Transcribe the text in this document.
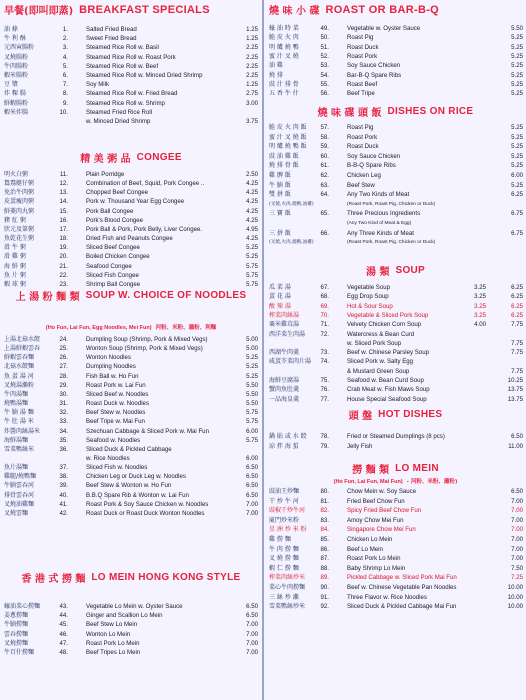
早餐(即叫即蒸) BREAKFAST SPECIALS
油 條	1.	Salted Fried Bread	1.25
牛 利 酥	2.	Sweet Fried Bread	1.25
元西寅腸粉	3.	Steamed Rice Roll w. Basil	2.25
叉燒腸粉	4.	Steamed Rice Roll w. Roast Pork	2.25
牛肉腸粉	5.	Steamed Rice Roll w. Beef	2.25
蝦米腸粉	6.	Steamed Rice Roll w. Minced Dried Shrimp	2.25
豆 漿	7.	Soy Milk	1.25
炸 粿 腸	8.	Steamed Rice Roll w. Fried Bread	2.75
鮮蝦腸粉	9.	Steamed Rice Roll w. Shrimp	3.00
蝦米炸腸	10.	Steamed Fried Rice Roll
w. Minced Dried Shrimp	3.75
精 美 粥 品 CONGEE
明火白粥	11.	Plain Porridge	2.50
鴛鴦艇仔粥	12.	Combination of Beef, Squid, Pork Congee ..	4.25
免治牛肉粥	13.	Chopped Beef Congee	4.25
皮蛋瘦肉粥	14.	Pork w. Thousand Year Egg Congee	4.25
鮮菱肉丸粥	15.	Pork Ball Congee	4.25
豬 紅 粥	16.	Pork's Blood Congee	4.25
狀元及第粥	17.	Pork Ball & Pork, Pork Belly, Liver Congee.	4.95
魚乾花生粥	18.	Dried Fish and Peanuts Congee	4.25
滑 牛 粥	19.	Sliced Beef Congee	5.25
滑 雞 粥	20.	Boiled Chicken Congee	5.25
海 鮮 粥	21.	Seafood Congee	5.75
魚 片 粥	22.	Sliced Fish Congee	5.75
蝦 球 粥	23.	Shrimp Ball Congee	5.75
上 湯 粉 麵 類 SOUP W. CHOICE OF NOODLES
(Ho Fun, Lai Fun, Egg Noodles, Mei Fun) 河粉、米粉、瀨粉、利麵
上湯北菇水餃	24.	Dumpling Soup (Shrimp, Pork & Mixed Vegs)	5.00
上湯鮮蝦雲吞	25.	Wonton Soup (Shrimp, Pork & Mixed Vegs)	5.00
鮮蝦雲吞麵	26.	Wonton Noodles	5.25
北菇水餃麵	27.	Dumpling Noodles	5.25
魚 蛋 湯 河	28.	Fish Ball w. Ho Fun	5.25
叉燒湯瀨粉	29.	Roast Pork w. Lai Fun	5.50
牛肉湯麵	30.	Sliced Beef w. Noodles	5.50
燒鴨湯麵	31.	Roast Duck w. Noodles	5.50
牛 腩 湯 麵	32.	Beef Stew w. Noodles	5.75
牛 肚 湯 米	33.	Beef Tripe w. Mai Fun	5.75
炸醬肉絲湯米	34.	Szechuan Cabbage & Sliced Pork w. Mai Fun	6.00
海鮮湯麵	35.	Seafood w. Noodles	5.75
雪菜鴨絲米	36.	Sliced Duck & Pickled Cabbage
w. Rice Noodles	6.00
魚片湯麵	37.	Sliced Fish w. Noodles	6.50
雞腿/燒鴨麵	38.	Chicken Leg or Duck Leg w. Noodles	6.50
牛腩雲吞河	39.	Beef Stew & Wonton w. Ho Fun	6.50
排骨雲吞河	40.	B.B.Q Spare Rib & Wonton w. Lai Fun	6.50
叉燒油雞麵	41.	Roast Pork & Soy Sauce Chicken w. Noodles	7.00
叉燒雲麵	42.	Roast Duck or Roast Duck Wonton Noodles	7.00
香 港 式 撈 麵 LO MEIN HONG KONG STYLE
蠔油菜心撈麵	43.	Vegetable Lo Mein w. Oyster Sauce	6.50
姜蔥撈麵	44.	Ginger and Scallion Lo Mein	6.50
牛腩撈麵	45.	Beef Stew Lo Mein	7.00
雲吞撈麵	46.	Wonton Lo Mein	7.00
叉燒撈麵	47.	Roast Pork Lo Mein	7.00
牛百什撈麵	48.	Beef Tripes Lo Mein	7.00
燒 味 小 碟 ROAST OR BAR-B-Q
蠔 油 時 菜	49.	Vegetable w. Oyster Sauce	5.50
脆 皮 火 肉	50.	Roast Pig	5.25
明 爐 燒 鴨	51.	Roast Duck	5.25
蜜 汁 叉 燒	52.	Roast Pork	5.25
油 雞	53.	Soy Sauce Chicken	5.25
燒 排	54.	Bar-B-Q Spare Ribs	5.25
豉 汁 排 骨	55.	Roast Beef	5.25
五 香 牛 什	56.	Beef Tripe	5.25
燒 味 碟 頭 飯 DISHES ON RICE
脆 皮 火 肉 飯	57.	Roast Pig	5.25
蜜 汁 叉 燒 飯	58.	Roast Pork	5.25
明 爐 燒 鴨 飯	59.	Roast Duck	5.25
豉 油 雞 飯	60.	Soy Sauce Chicken	5.25
燒 排 骨 飯	61.	B-B-Q Spare Ribs	5.25
雞 髀 飯	62.	Chicken Leg	6.00
牛 腩 飯	63.	Beef Stew	5.25
雙 拼 飯	64.	Any Two Kinds of Meat	6.25
(叉燒,火肉,燒鴨,油雞)	(Roast Pork, Roast Pig, Chicken or Duck)
三 寶 飯	65.	Three Precious Ingredients	6.75
(Any Two Kind of Meat & Egg)
三 拼 飯	66.	Any Three Kinds of Meat	6.75
(叉燒,火肉,燒鴨,油雞)	(Roast Pork, Roast Pig, Chicken or Duck)
湯 類 SOUP
瓜 菜 湯	67.	Vegetable Soup	3.25	6.25
蛋 花 湯	68.	Egg Drop Soup	3.25	6.25
酸 辣 湯	69.	Hot & Sour Soup	3.25	6.25
榨菜肉絲湯	70.	Vegetable & Sliced Pork Soup	3.25	6.25
粟米雞茸湯	71.	Velvety Chicken Corn Soup	4.00	7.75
西洋菜生肉湯	72.	Watercress & Bean Curd
w. Sliced Pork Soup	7.75
西湖牛肉羹	73.	Beef w. Chinese Parsley Soup	7.75
咸蛋芥菜肉片湯	74.	Sliced Pork w. Salty Egg
& Mustard Green Soup	7.75
海鮮豆腐湯	75.	Seafood w. Bean Curd Soup	10.25
蟹肉魚肚羹	76.	Crab Meat w. Fish Maws Soup	13.75
一品海皇羹	77.	House Special Seafood Soup	13.75
頭 盤 HOT DISHES
鍋 貼 或 水 餃	78.	Fried or Steamed Dumplings (8 pcs)	6.50
涼 拌 海 蜇	79.	Jelly Fish	11.00
撈 麵 類 LO MEIN
(Ho Fun, Lai Fun, Mai Fun) - 河粉、米粉、瀨粉)
豉油王炒麵	80.	Chow Mein w. Soy Sauce	6.50
干 炒 牛 河	81.	Fried Beef Chow Fun	7.00
豉椒干炒牛河	82.	Spicy Fried Beef Chow Fun	7.00
廈門炒米粉	83.	Amoy Chow Mei Fun	7.00
星 洲 炒 米 粉	84.	Singapore Chow Mei Fun	7.00
雞 撈 麵	85.	Chicken Lo Mein	7.00
牛 肉 撈 麵	86.	Beef Lo Mein	7.00
叉 燒 撈 麵	87.	Roast Pork Lo Mein	7.00
蝦 仁 撈 麵	88.	Baby Shrimp Lo Mein	7.50
榨菜肉絲炒米	89.	Pickled Cabbage w. Sliced Pork Mai Fun	7.25
菜心牛肉撈麵	90.	Beef w. Chinese Vegetable Pan Noodles	10.00
三 絲 炒 瀨	91.	Three Flavor w. Rice Noodles	10.00
雪菜鴨絲炒米	92.	Sliced Duck & Pickled Cabbage Mai Fun	10.00
